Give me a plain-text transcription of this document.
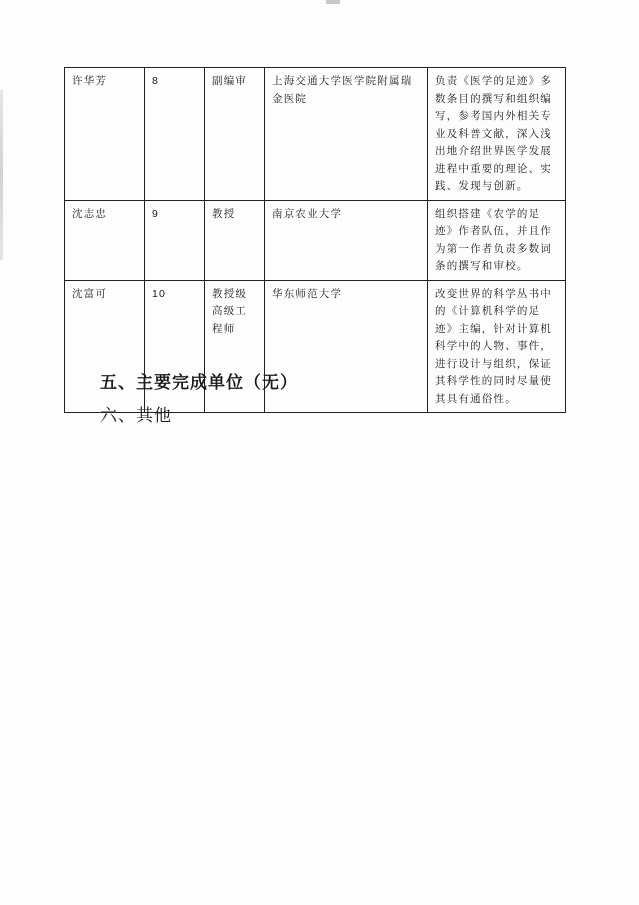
许华芳	8	副编审	上海交通大学医学院附属瑞金医院	负责《医学的足迹》多数条目的撰写和组织编写，参考国内外相关专业及科普文献，深入浅出地介绍世界医学发展进程中重要的理论、实践、发现与创新。
沈志忠	9	教授	南京农业大学	组织搭建《农学的足迹》作者队伍，并且作为第一作者负责多数词条的撰写和审校。
沈富可	10	教授级高级工程师	华东师范大学	改变世界的科学丛书中的《计算机科学的足迹》主编，针对计算机科学中的人物、事件，进行设计与组织，保证其科学性的同时尽量使其具有通俗性。
五、主要完成单位（无）
六、其他
